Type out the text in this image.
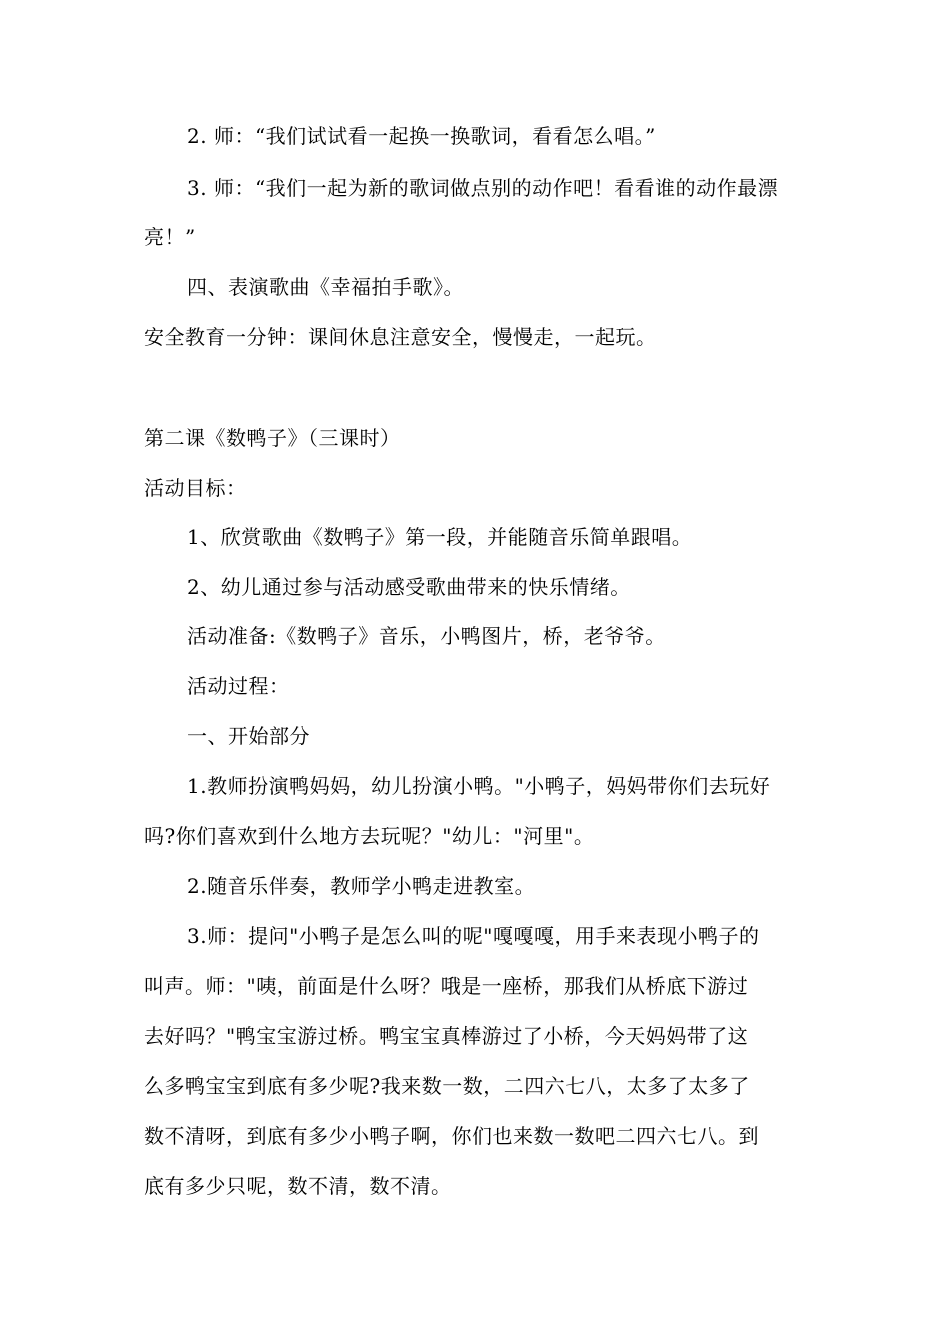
2. 师：“我们试试看一起换一换歌词，看看怎么唱。”
3. 师：“我们一起为新的歌词做点别的动作吧！看看谁的动作最漂
亮！”
四、表演歌曲《幸福拍手歌》。
安全教育一分钟：课间休息注意安全，慢慢走，一起玩。
第二课《数鸭子》（三课时）
活动目标：
1、欣赏歌曲《数鸭子》第一段，并能随音乐简单跟唱。
2、幼儿通过参与活动感受歌曲带来的快乐情绪。
活动准备:《数鸭子》音乐，小鸭图片，桥，老爷爷。
活动过程：
一、开始部分
1.教师扮演鸭妈妈，幼儿扮演小鸭。"小鸭子，妈妈带你们去玩好
吗?你们喜欢到什么地方去玩呢？"幼儿："河里"。
2.随音乐伴奏，教师学小鸭走进教室。
3.师：提问"小鸭子是怎么叫的呢"嘎嘎嘎，用手来表现小鸭子的
叫声。师："咦，前面是什么呀？哦是一座桥，那我们从桥底下游过
去好吗？"鸭宝宝游过桥。鸭宝宝真棒游过了小桥，今天妈妈带了这
么多鸭宝宝到底有多少呢?我来数一数，二四六七八，太多了太多了
数不清呀，到底有多少小鸭子啊，你们也来数一数吧二四六七八。到
底有多少只呢，数不清，数不清。
